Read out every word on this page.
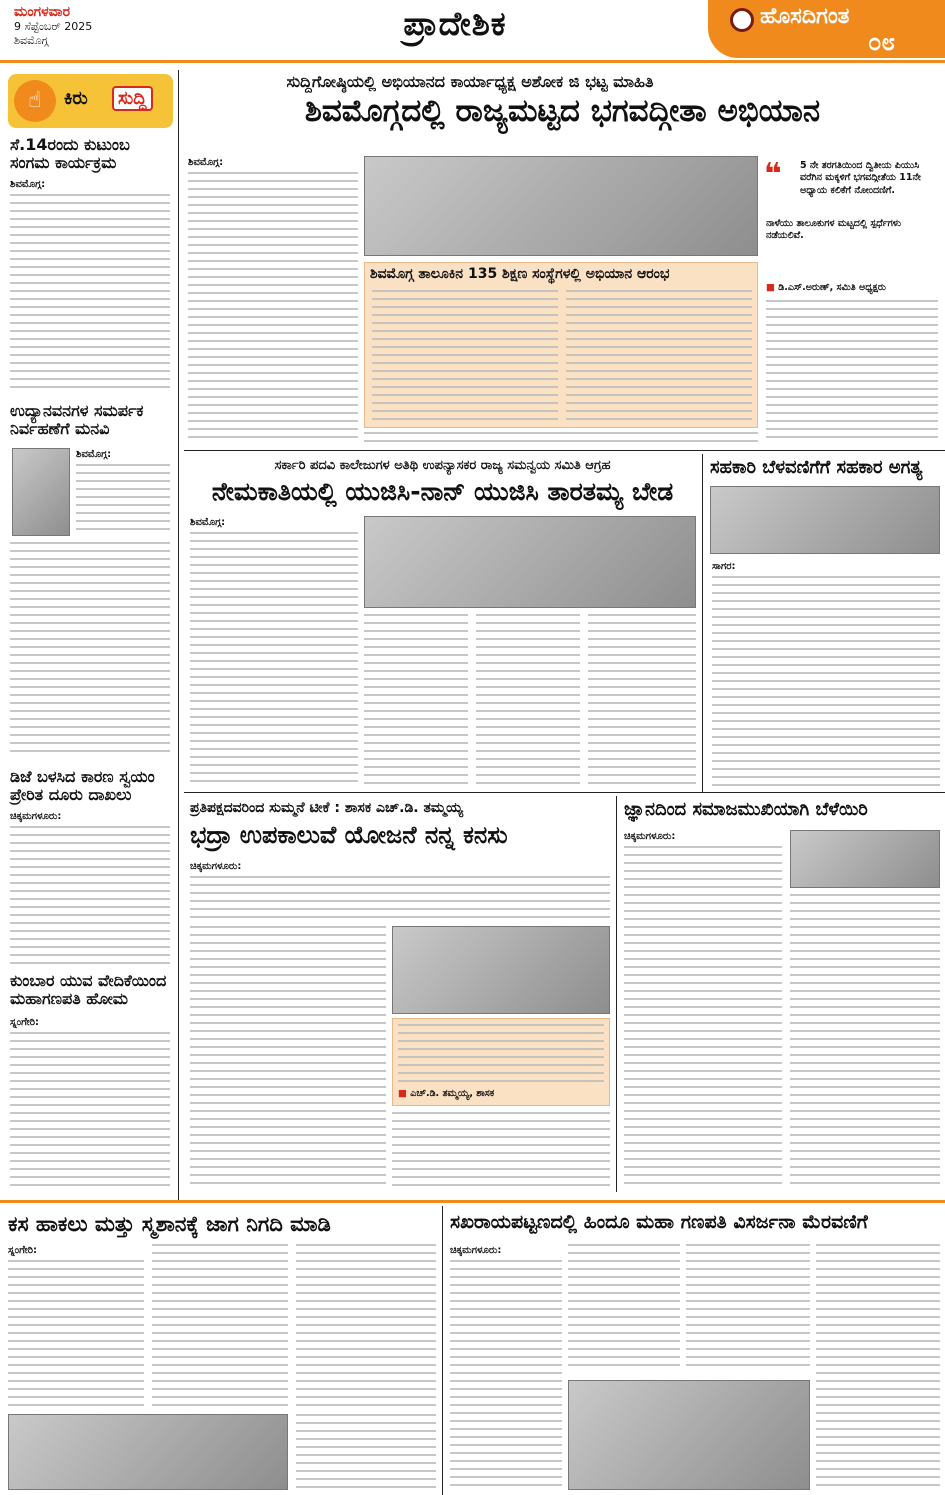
ಮಂಗಳವಾರ
9 ಸೆಪ್ಟೆಂಬರ್ 2025
ಶಿವಮೊಗ್ಗ	ಪ್ರಾದೇಶಿಕ	ಹೊಸದಿಗಂತ
೦೮
☝	ಕಿರು	ಸುದ್ದಿ
ಸೆ.14ರಂದು ಕುಟುಂಬ ಸಂಗಮ ಕಾರ್ಯಕ್ರಮ
ಶಿವಮೊಗ್ಗ:
ಉದ್ಯಾನವನಗಳ ಸಮರ್ಪಕ ನಿರ್ವಹಣೆಗೆ ಮನವಿ
ಶಿವಮೊಗ್ಗ:
ಡಿಜೆ ಬಳಸಿದ ಕಾರಣ ಸ್ವಯಂ ಪ್ರೇರಿತ ದೂರು ದಾಖಲು
ಚಿಕ್ಕಮಗಳೂರು:
ಕುಂಬಾರ ಯುವ ವೇದಿಕೆಯಿಂದ ಮಹಾಗಣಪತಿ ಹೋಮ
ಸ್ನಂಗೇರಿ:
ಸುದ್ದಿಗೋಷ್ಠಿಯಲ್ಲಿ ಅಭಿಯಾನದ ಕಾರ್ಯಾಧ್ಯಕ್ಷ ಅಶೋಕ ಜಿ ಭಟ್ಟ ಮಾಹಿತಿ
ಶಿವಮೊಗ್ಗದಲ್ಲಿ ರಾಜ್ಯಮಟ್ಟದ ಭಗವದ್ಗೀತಾ ಅಭಿಯಾನ
ಶಿವಮೊಗ್ಗ:
ಶಿವಮೊಗ್ಗ ತಾಲೂಕಿನ 135 ಶಿಕ್ಷಣ ಸಂಸ್ಥೆಗಳಲ್ಲಿ ಅಭಿಯಾನ ಆರಂಭ
❝ 5 ನೇ ತರಗತಿಯಿಂದ ದ್ವಿತೀಯ ಪಿಯುಸಿ ವರೆಗಿನ ಮಕ್ಕಳಿಗೆ ಭಗವದ್ಗೀತೆಯ 11ನೇ ಅಧ್ಯಾಯ ಕಲಿಕೆಗೆ ನೋಂದಣಿಗೆ.
ನಾಳೆಯು ತಾಲೂಕುಗಳ ಮಟ್ಟದಲ್ಲಿ ಸ್ಪರ್ಧೆಗಳು ನಡೆಯಲಿವೆ.
■ ಡಿ.ಎಸ್.ಅರುಣ್, ಸಮಿತಿ ಅಧ್ಯಕ್ಷರು
ಸರ್ಕಾರಿ ಪದವಿ ಕಾಲೇಜುಗಳ ಅತಿಥಿ ಉಪನ್ಯಾಸಕರ ರಾಜ್ಯ ಸಮನ್ವಯ ಸಮಿತಿ ಆಗ್ರಹ
ನೇಮಕಾತಿಯಲ್ಲಿ ಯುಜಿಸಿ-ನಾನ್ ಯುಜಿಸಿ ತಾರತಮ್ಯ ಬೇಡ
ಶಿವಮೊಗ್ಗ:
ಸಹಕಾರಿ ಬೆಳವಣಿಗೆಗೆ ಸಹಕಾರ ಅಗತ್ಯ
ಸಾಗರ:
ಪ್ರತಿಪಕ್ಷದವರಿಂದ ಸುಮ್ಮನೆ ಟೀಕೆ : ಶಾಸಕ ಎಚ್.ಡಿ. ತಮ್ಮಯ್ಯ
ಭದ್ರಾ ಉಪಕಾಲುವೆ ಯೋಜನೆ ನನ್ನ ಕನಸು
ಚಿಕ್ಕಮಗಳೂರು:
■ ಎಚ್.ಡಿ. ತಮ್ಮಯ್ಯ, ಶಾಸಕ
ಜ್ಞಾನದಿಂದ ಸಮಾಜಮುಖಿಯಾಗಿ ಬೆಳೆಯಿರಿ
ಚಿಕ್ಕಮಗಳೂರು:
ಕಸ ಹಾಕಲು ಮತ್ತು ಸ್ಮಶಾನಕ್ಕೆ ಜಾಗ ನಿಗದಿ ಮಾಡಿ
ಸ್ನಂಗೇರಿ:
ಸಖರಾಯಪಟ್ಟಣದಲ್ಲಿ ಹಿಂದೂ ಮಹಾ ಗಣಪತಿ ವಿಸರ್ಜನಾ ಮೆರವಣಿಗೆ
ಚಿಕ್ಕಮಗಳೂರು:
